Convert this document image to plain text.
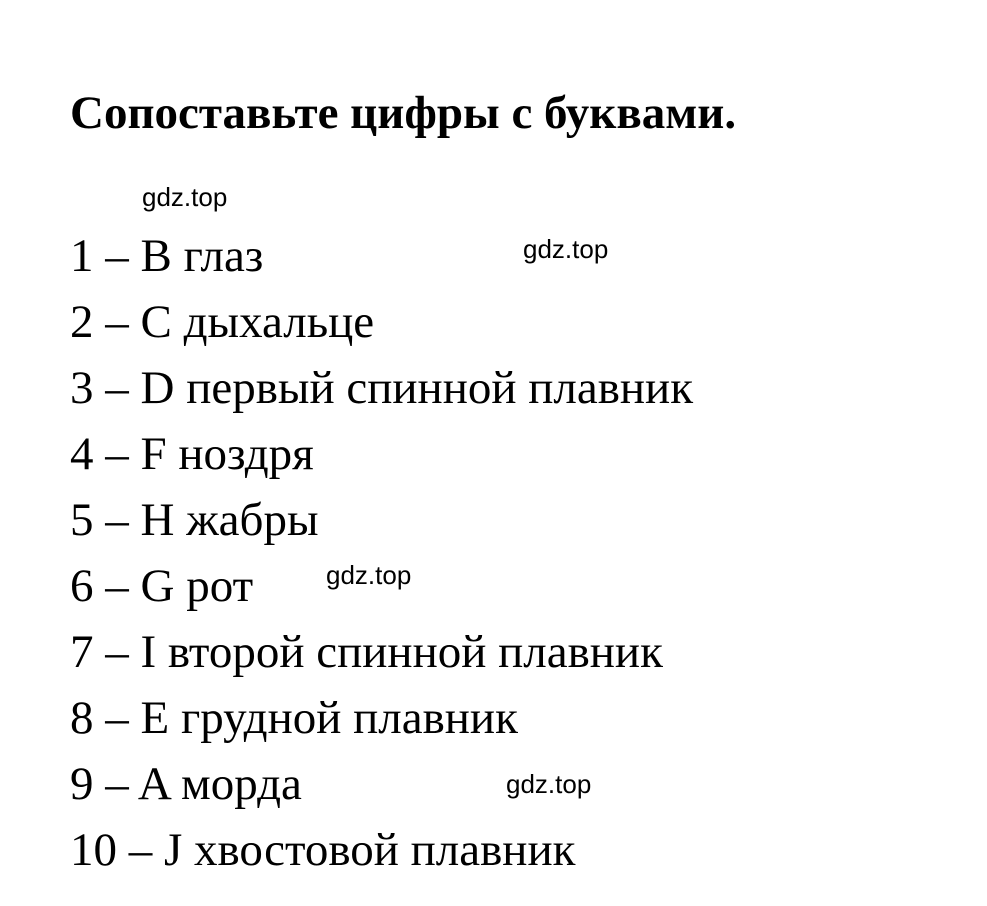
Сопоставьте цифры с буквами.
1 – B глаз
2 – C дыхальце
3 – D первый спинной плавник
4 – F ноздря
5 – H жабры
6 – G рот
7 – I второй спинной плавник
8 – E грудной плавник
9 – A морда
10 – J хвостовой плавник
gdz.top
gdz.top
gdz.top
gdz.top
